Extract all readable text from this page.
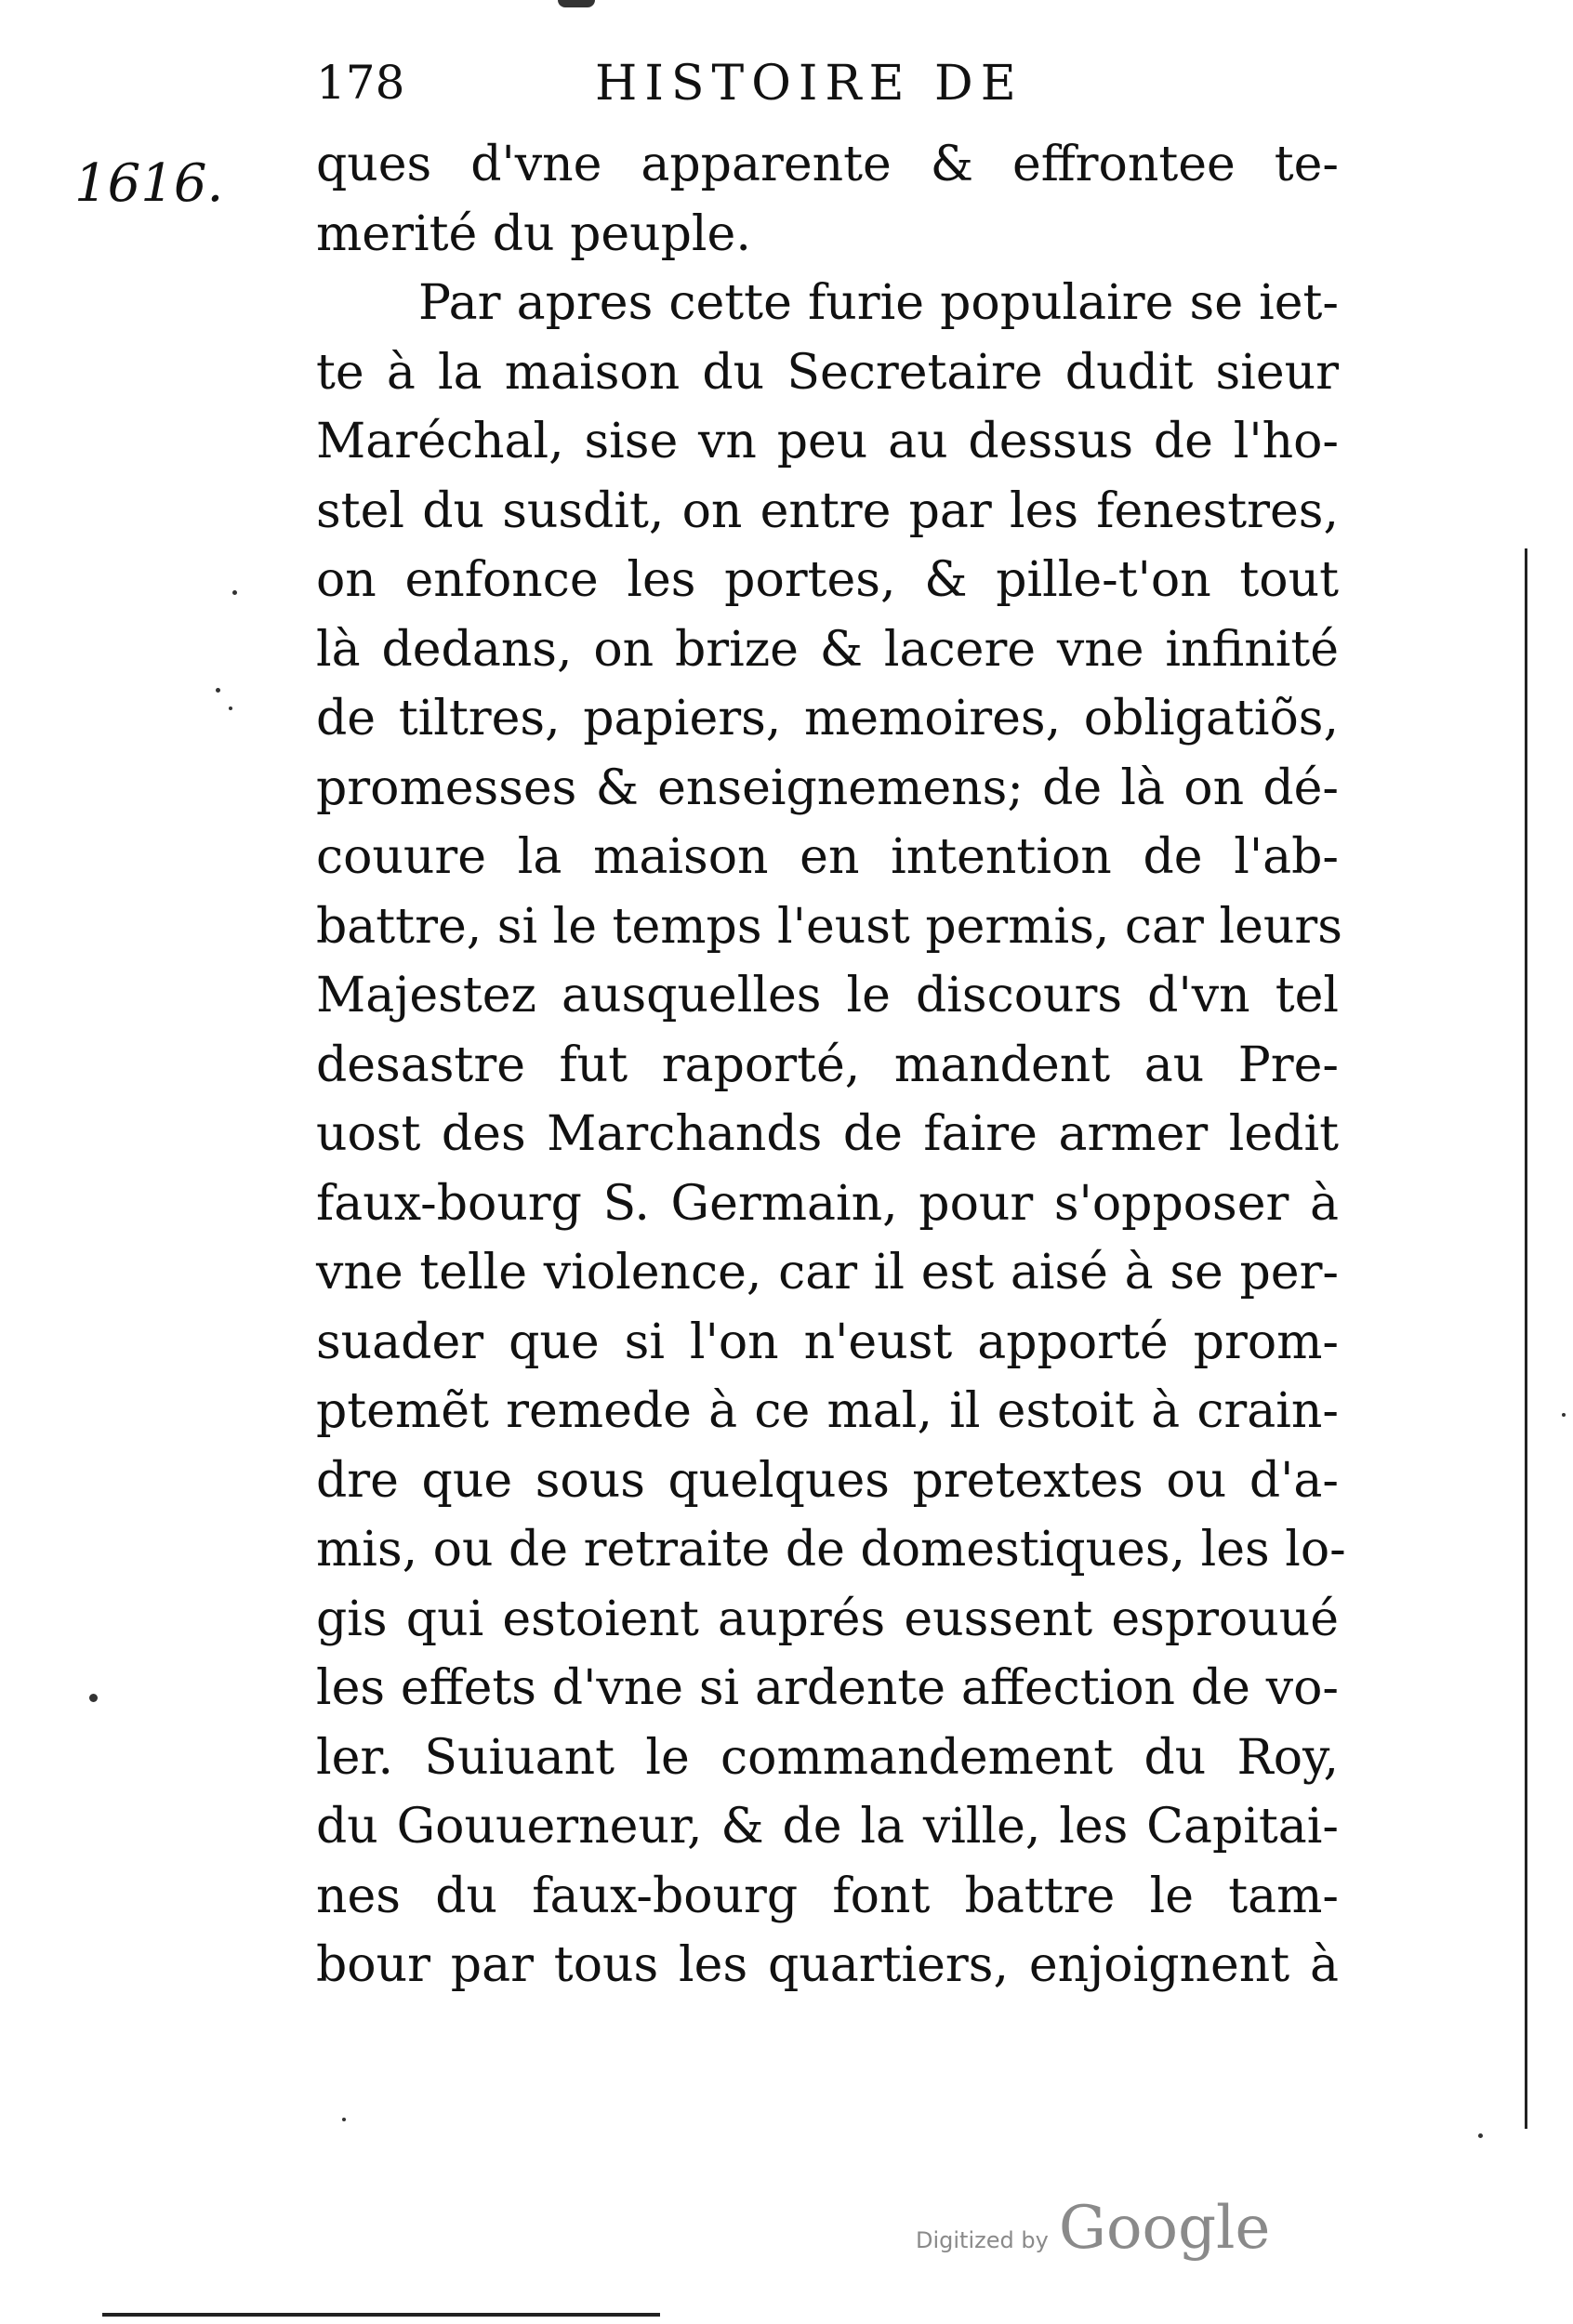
178	HISTOIRE DE
1616. ques d'vne apparente & effrontee te-
merité du peuple.
Par apres cette furie populaire se iet-
te à la maison du Secretaire dudit sieur
Maréchal, sise vn peu au dessus de l'ho-
stel du susdit, on entre par les fenestres,
on enfonce les portes, & pille-t'on tout
là dedans, on brize & lacere vne infinité
de tiltres, papiers, memoires, obligatiõs,
promesses & enseignemens; de là on dé-
couure la maison en intention de l'ab-
battre, si le temps l'eust permis, car leurs
Majestez ausquelles le discours d'vn tel
desastre fut raporté, mandent au Pre-
uost des Marchands de faire armer ledit
faux-bourg S. Germain, pour s'opposer à
vne telle violence, car il est aisé à se per-
suader que si l'on n'eust apporté prom-
ptemẽt remede à ce mal, il estoit à crain-
dre que sous quelques pretextes ou d'a-
mis, ou de retraite de domestiques, les lo-
gis qui estoient auprés eussent esprouué
les effets d'vne si ardente affection de vo-
ler. Suiuant le commandement du Roy,
du Gouuerneur, & de la ville, les Capitai-
nes du faux-bourg font battre le tam-
bour par tous les quartiers, enjoignent à
Digitized by Google
